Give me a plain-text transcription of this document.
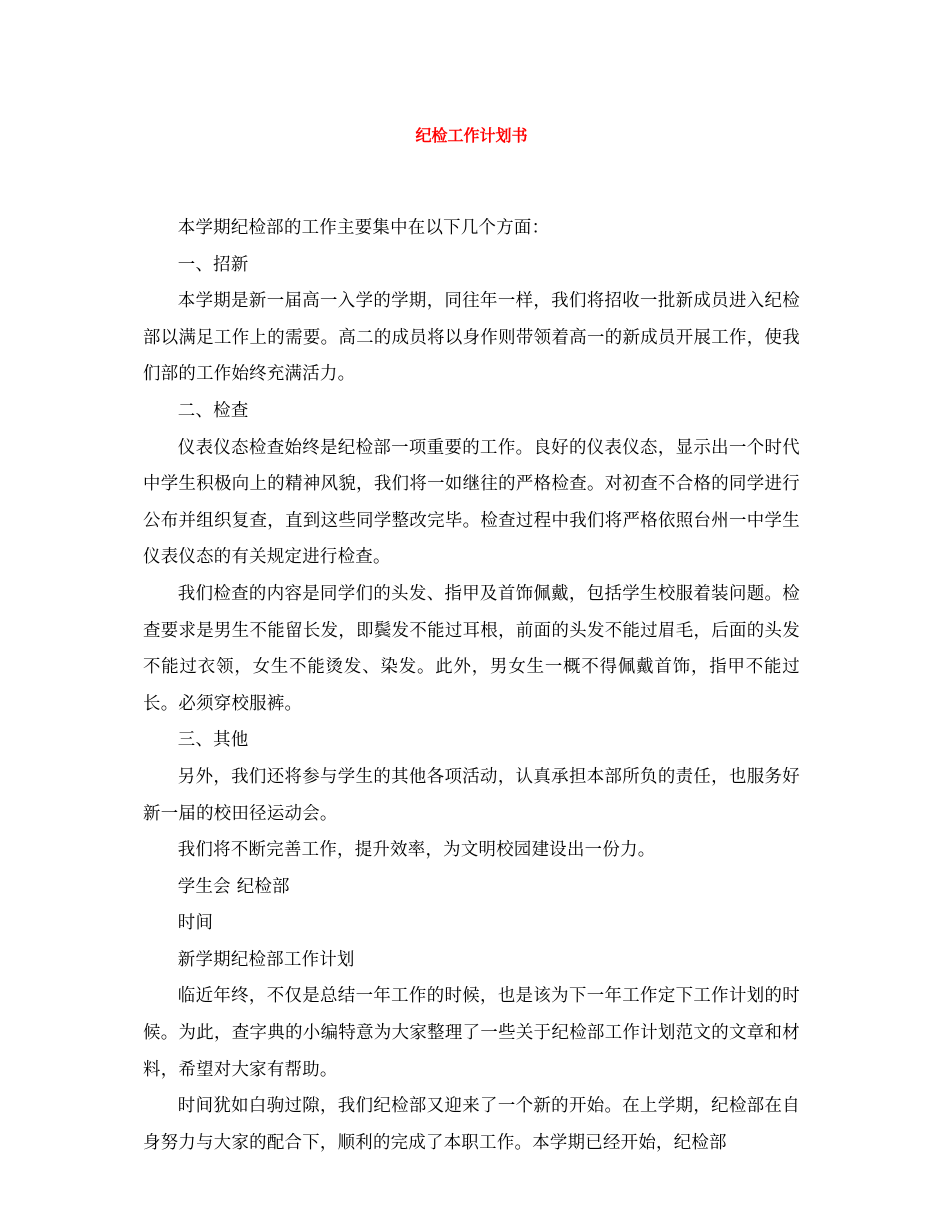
纪检工作计划书

本学期纪检部的工作主要集中在以下几个方面：

一、招新

本学期是新一届高一入学的学期，同往年一样，我们将招收一批新成员进入纪检部以满足工作上的需要。高二的成员将以身作则带领着高一的新成员开展工作，使我们部的工作始终充满活力。

二、检查

仪表仪态检查始终是纪检部一项重要的工作。良好的仪表仪态，显示出一个时代中学生积极向上的精神风貌，我们将一如继往的严格检查。对初查不合格的同学进行公布并组织复查，直到这些同学整改完毕。检查过程中我们将严格依照台州一中学生仪表仪态的有关规定进行检查。

我们检查的内容是同学们的头发、指甲及首饰佩戴，包括学生校服着装问题。检查要求是男生不能留长发，即鬓发不能过耳根，前面的头发不能过眉毛，后面的头发不能过衣领，女生不能烫发、染发。此外，男女生一概不得佩戴首饰，指甲不能过长。必须穿校服裤。

三、其他

另外，我们还将参与学生的其他各项活动，认真承担本部所负的责任，也服务好新一届的校田径运动会。

我们将不断完善工作，提升效率，为文明校园建设出一份力。

学生会 纪检部

时间

新学期纪检部工作计划

临近年终，不仅是总结一年工作的时候，也是该为下一年工作定下工作计划的时候。为此，查字典的小编特意为大家整理了一些关于纪检部工作计划范文的文章和材料，希望对大家有帮助。

时间犹如白驹过隙，我们纪检部又迎来了一个新的开始。在上学期，纪检部在自身努力与大家的配合下，顺利的完成了本职工作。本学期已经开始，纪检部
